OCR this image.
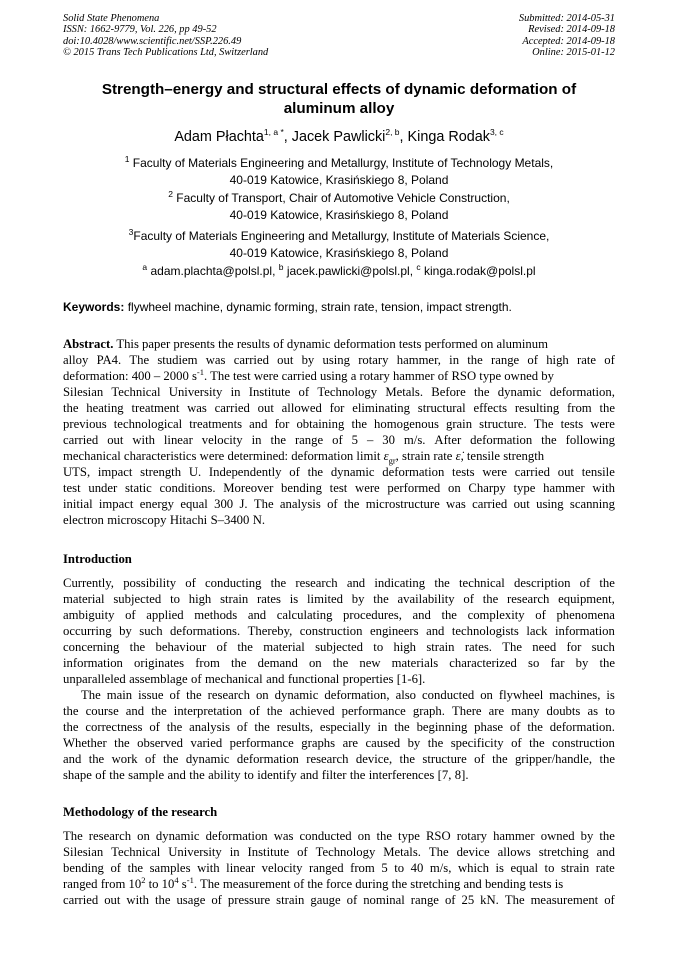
Solid State Phenomena
ISSN: 1662-9779, Vol. 226, pp 49-52
doi:10.4028/www.scientific.net/SSP.226.49
© 2015 Trans Tech Publications Ltd, Switzerland
Submitted: 2014-05-31
Revised: 2014-09-18
Accepted: 2014-09-18
Online: 2015-01-12
Strength–energy and structural effects of dynamic deformation of
aluminum alloy
Adam Płachta$^{1, a *}$, Jacek Pawlicki$^{2, b}$, Kinga Rodak$^{3, c}$
$^1$ Faculty of Materials Engineering and Metallurgy, Institute of Technology Metals,
40-019 Katowice, Krasińskiego 8, Poland
$^2$ Faculty of Transport, Chair of Automotive Vehicle Construction,
40-019 Katowice, Krasińskiego 8, Poland
$^3$Faculty of Materials Engineering and Metallurgy, Institute of Materials Science,
40-019 Katowice, Krasińskiego 8, Poland
$^a$ adam.plachta@polsl.pl, $^b$ jacek.pawlicki@polsl.pl, $^c$ kinga.rodak@polsl.pl
Keywords: flywheel machine, dynamic forming, strain rate, tension, impact strength.
Abstract. This paper presents the results of dynamic deformation tests performed on aluminum
alloy PA4. The studiem was carried out by using rotary hammer, in the range of high rate of
deformation: 400 – 2000 $s^{-1}$. The test were carried using a rotary hammer of RSO type owned by
Silesian Technical University in Institute of Technology Metals. Before the dynamic deformation,
the heating treatment was carried out allowed for eliminating structural effects resulting from the
previous technological treatments and for obtaining the homogenous grain structure. The tests were
carried out with linear velocity in the range of 5 – 30 m/s. After deformation the following
mechanical characteristics were determined: deformation limit $\varepsilon_{gr}$, strain rate ε̇, tensile strength
UTS, impact strength U. Independently of the dynamic deformation tests were carried out tensile
test under static conditions. Moreover bending test were performed on Charpy type hammer with
initial impact energy equal 300 J. The analysis of the microstructure was carried out using scanning
electron microscopy Hitachi S–3400 N.
Introduction
Currently, possibility of conducting the research and indicating the technical description of the
material subjected to high strain rates is limited by the availability of the research equipment,
ambiguity of applied methods and calculating procedures, and the complexity of phenomena
occurring by such deformations. Thereby, construction engineers and technologists lack information
concerning the behaviour of the material subjected to high strain rates. The need for such
information originates from the demand on the new materials characterized so far by the
unparalleled assemblage of mechanical and functional properties [1-6].
The main issue of the research on dynamic deformation, also conducted on flywheel machines, is
the course and the interpretation of the achieved performance graph. There are many doubts as to
the correctness of the analysis of the results, especially in the beginning phase of the deformation.
Whether the observed varied performance graphs are caused by the specificity of the construction
and the work of the dynamic deformation research device, the structure of the gripper/handle, the
shape of the sample and the ability to identify and filter the interferences [7, 8].
Methodology of the research
The research on dynamic deformation was conducted on the type RSO rotary hammer owned by the
Silesian Technical University in Institute of Technology Metals. The device allows stretching and
bending of the samples with linear velocity ranged from 5 to 40 m/s, which is equal to strain rate
ranged from $10^2$ to $10^4$ $s^{-1}$. The measurement of the force during the stretching and bending tests is
carried out with the usage of pressure strain gauge of nominal range of 25 kN. The measurement of
